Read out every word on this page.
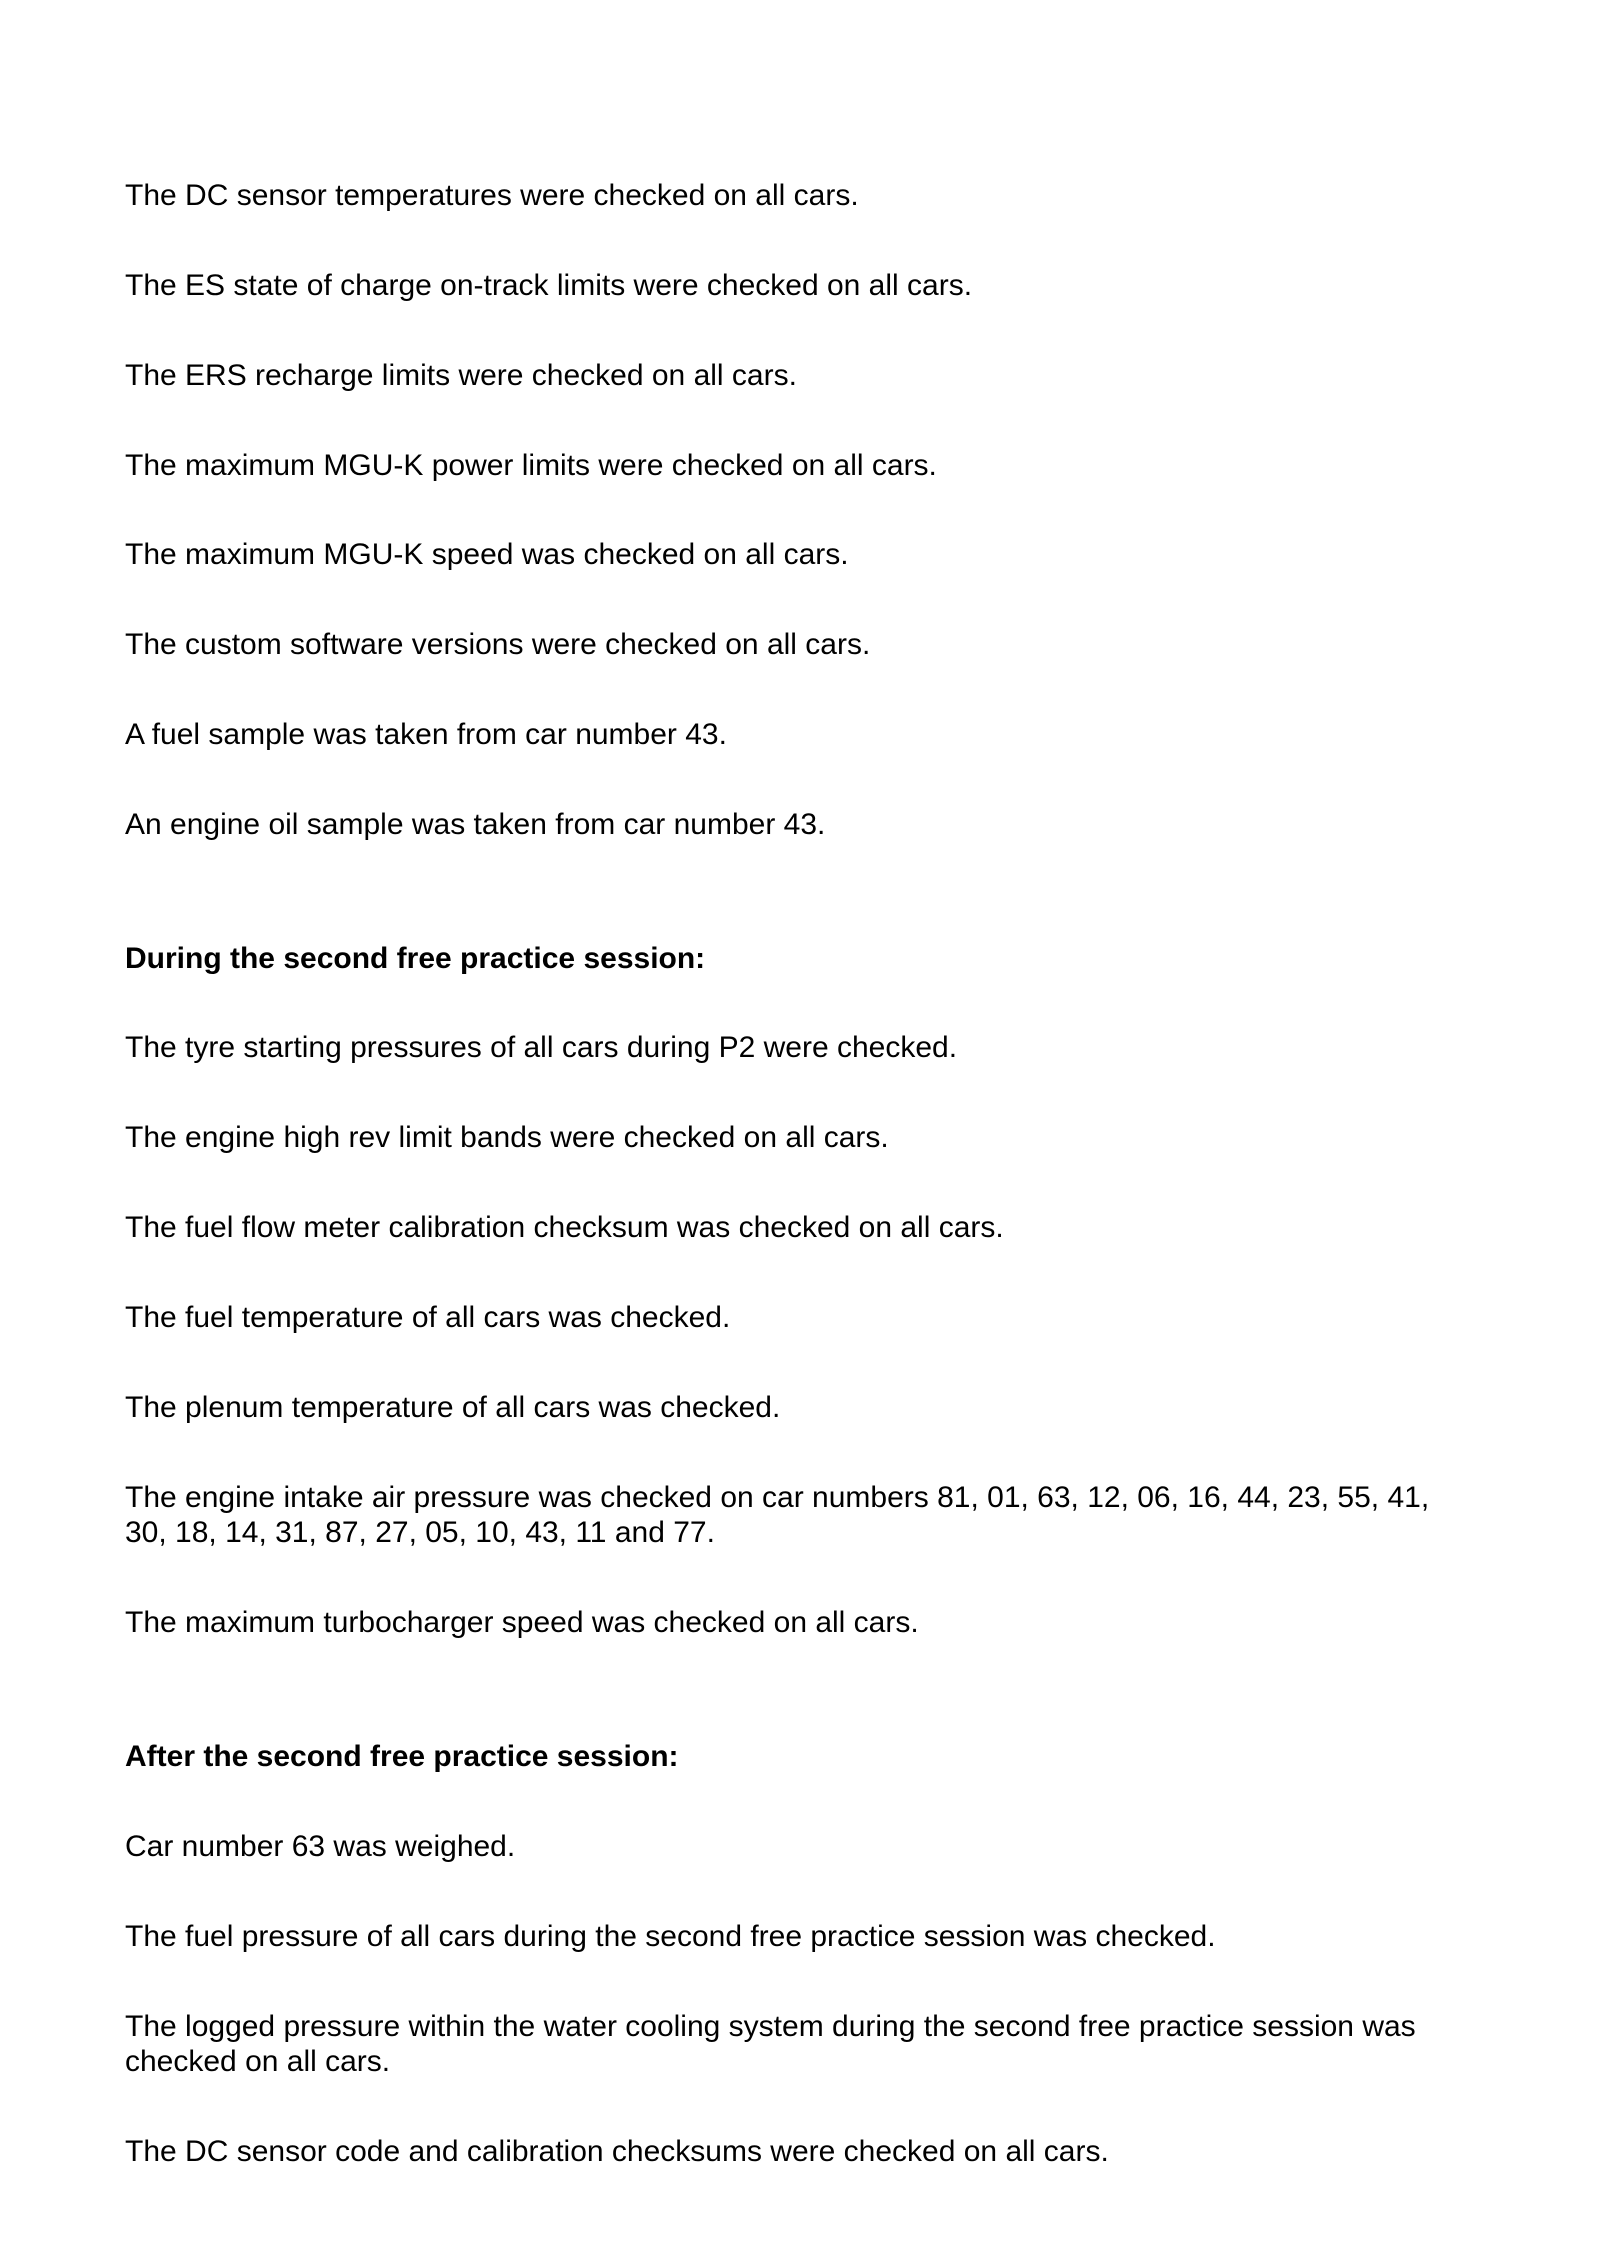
The DC sensor temperatures were checked on all cars.
The ES state of charge on-track limits were checked on all cars.
The ERS recharge limits were checked on all cars.
The maximum MGU-K power limits were checked on all cars.
The maximum MGU-K speed was checked on all cars.
The custom software versions were checked on all cars.
A fuel sample was taken from car number 43.
An engine oil sample was taken from car number 43.
During the second free practice session:
The tyre starting pressures of all cars during P2 were checked.
The engine high rev limit bands were checked on all cars.
The fuel flow meter calibration checksum was checked on all cars.
The fuel temperature of all cars was checked.
The plenum temperature of all cars was checked.
The engine intake air pressure was checked on car numbers 81, 01, 63, 12, 06, 16, 44, 23, 55, 41, 30, 18, 14, 31, 87, 27, 05, 10, 43, 11 and 77.
The maximum turbocharger speed was checked on all cars.
After the second free practice session:
Car number 63 was weighed.
The fuel pressure of all cars during the second free practice session was checked.
The logged pressure within the water cooling system during the second free practice session was checked on all cars.
The DC sensor code and calibration checksums were checked on all cars.
